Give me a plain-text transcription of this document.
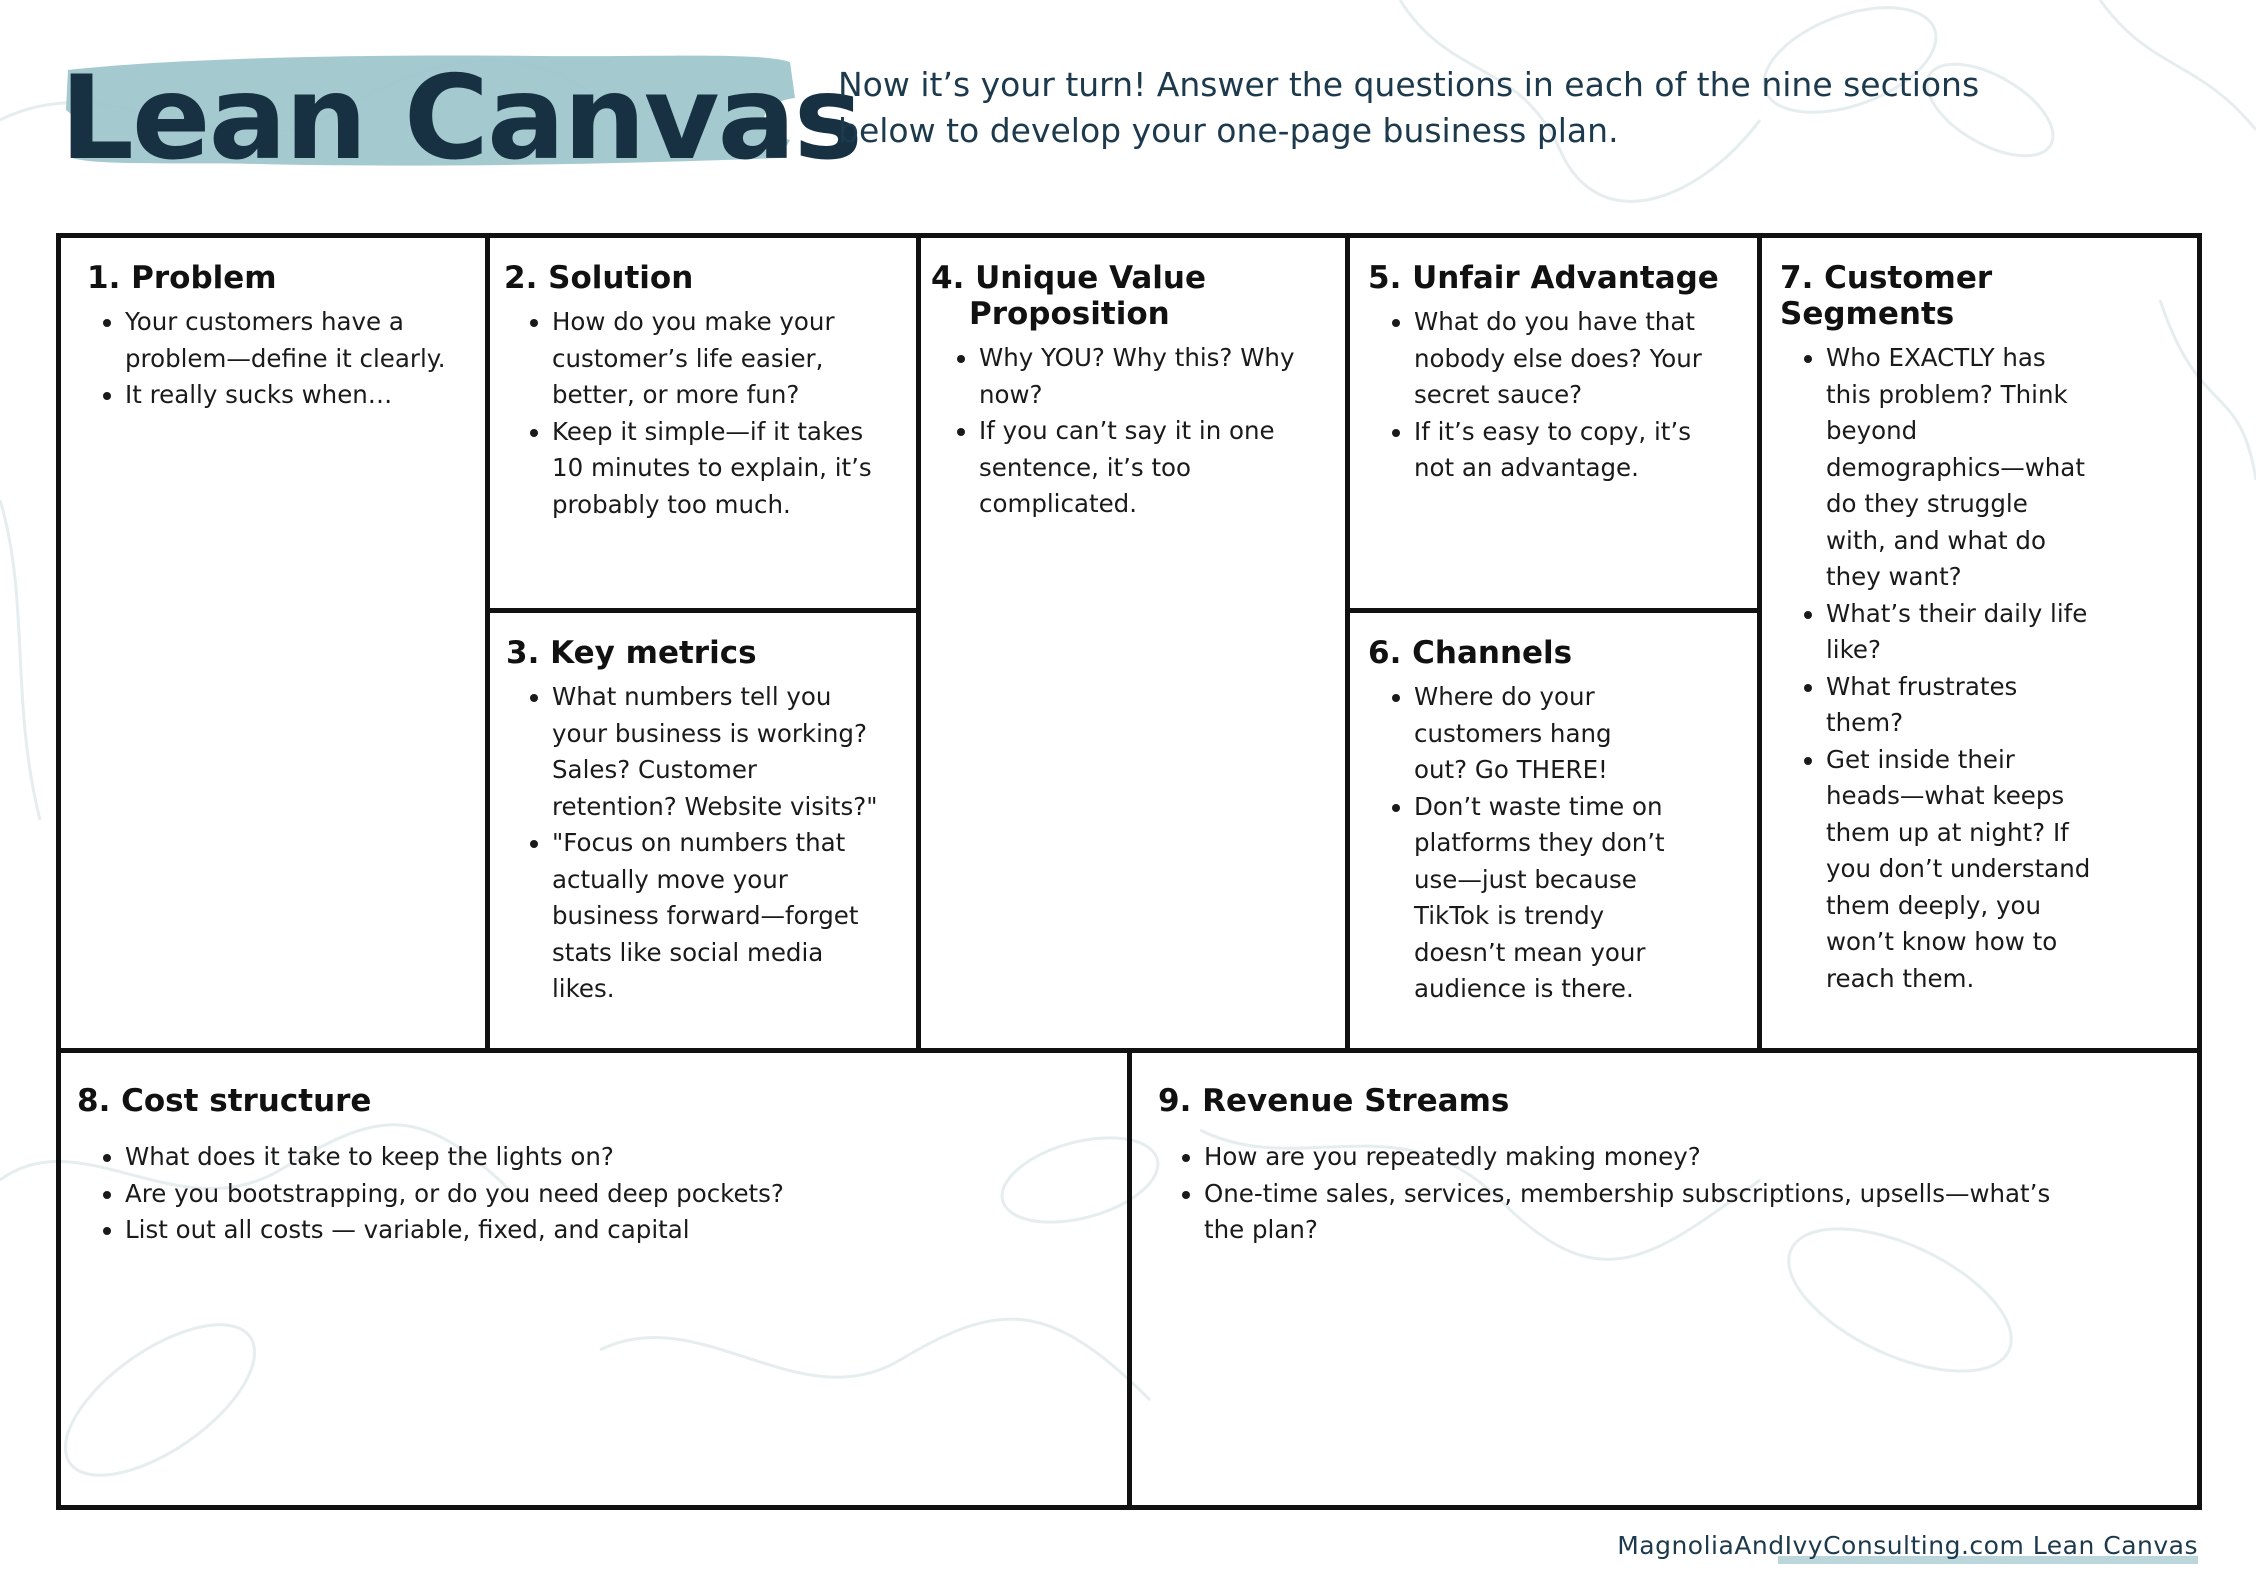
Lean Canvas
Now it’s your turn! Answer the questions in each of the nine sections below to develop your one-page business plan.
1. Problem
• Your customers have a problem—define it clearly.
• It really sucks when…
2. Solution
• How do you make your customer’s life easier, better, or more fun?
• Keep it simple—if it takes 10 minutes to explain, it’s probably too much.
3. Key metrics
• What numbers tell you your business is working? Sales? Customer retention? Website visits?"
• "Focus on numbers that actually move your business forward—forget stats like social media likes.
4. Unique Value Proposition
• Why YOU? Why this? Why now?
• If you can’t say it in one sentence, it’s too complicated.
5. Unfair Advantage
• What do you have that nobody else does? Your secret sauce?
• If it’s easy to copy, it’s not an advantage.
6. Channels
• Where do your customers hang out? Go THERE!
• Don’t waste time on platforms they don’t use—just because TikTok is trendy doesn’t mean your audience is there.
7. Customer Segments
• Who EXACTLY has this problem? Think beyond demographics—what do they struggle with, and what do they want?
• What’s their daily life like?
• What frustrates them?
• Get inside their heads—what keeps them up at night? If you don’t understand them deeply, you won’t know how to reach them.
8. Cost structure
• What does it take to keep the lights on?
• Are you bootstrapping, or do you need deep pockets?
• List out all costs — variable, fixed, and capital
9. Revenue Streams
• How are you repeatedly making money?
• One-time sales, services, membership subscriptions, upsells—what’s the plan?
MagnoliaAndIvyConsulting.com Lean Canvas
